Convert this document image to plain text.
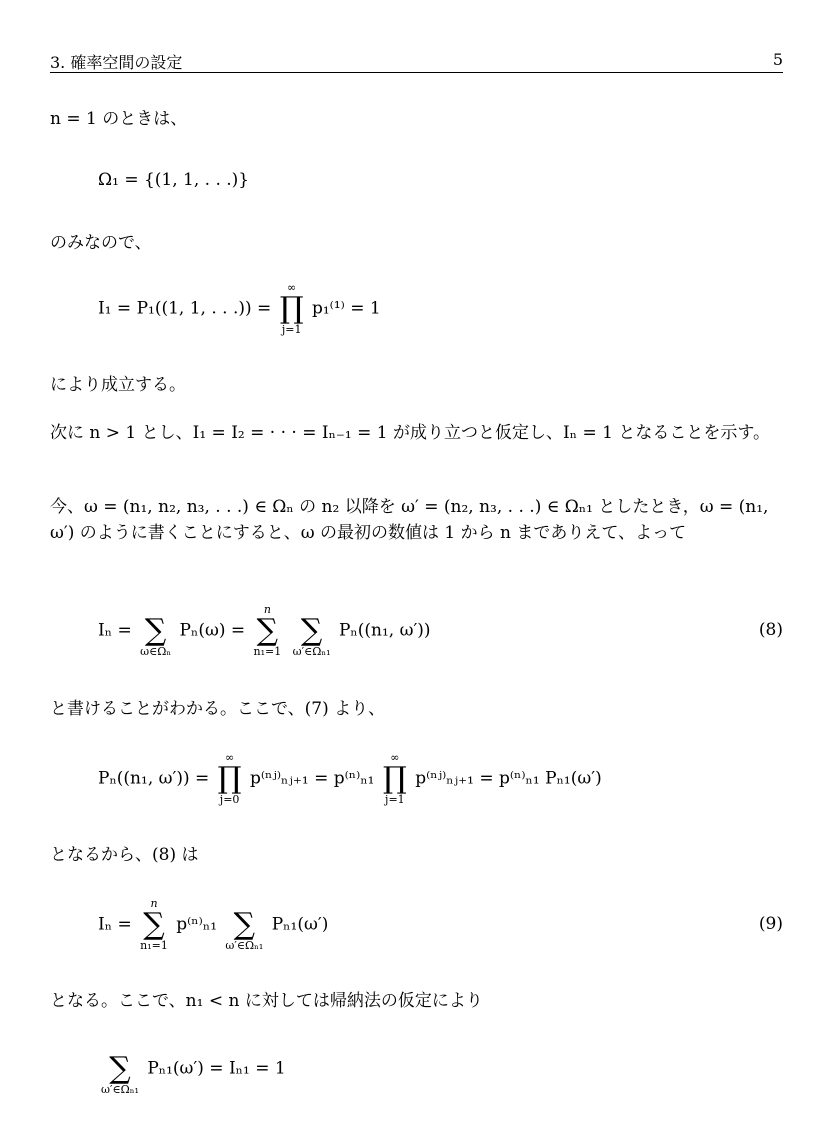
3. 確率空間の設定	5
n = 1 のときは、
Ω₁ = {(1, 1, . . .)}
のみなので、
I₁ = P₁((1, 1, . . .)) =
∞
∏
j=1
p₁⁽¹⁾ = 1
により成立する。
次に n > 1 とし、I₁ = I₂ = · · · = Iₙ₋₁ = 1 が成り立つと仮定し、Iₙ = 1 となることを示す。
今、ω = (n₁, n₂, n₃, . . .) ∈ Ωₙ の n₂ 以降を ω′ = (n₂, n₃, . . .) ∈ Ωₙ₁ としたとき，ω = (n₁, ω′) のように書くことにすると、ω の最初の数値は 1 から n までありえて、よって
Iₙ =
∑
ω∈Ωₙ
Pₙ(ω) =
n
∑
n₁=1

∑
ω′∈Ωₙ₁
Pₙ((n₁, ω′))	(8)
と書けることがわかる。ここで、(7) より、
Pₙ((n₁, ω′)) =
∞
∏
j=0
p⁽ⁿʲ⁾ₙⱼ₊₁ = p⁽ⁿ⁾ₙ₁
∞
∏
j=1
p⁽ⁿʲ⁾ₙⱼ₊₁ = p⁽ⁿ⁾ₙ₁ Pₙ₁(ω′)
となるから、(8) は
Iₙ =
n
∑
n₁=1
p⁽ⁿ⁾ₙ₁
∑
ω′∈Ωₙ₁
Pₙ₁(ω′)	(9)
となる。ここで、n₁ < n に対しては帰納法の仮定により

∑
ω′∈Ωₙ₁
Pₙ₁(ω′) = Iₙ₁ = 1
